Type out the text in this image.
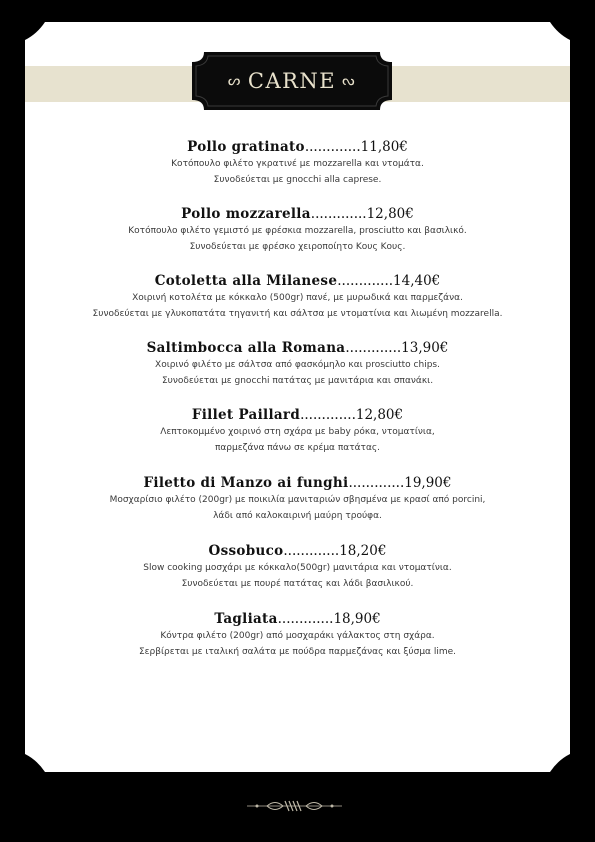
ᔕ CARNE ᔓ
Pollo gratinato.............11,80€
Κοτόπουλο φιλέτο γκρατινέ με mozzarella και ντομάτα.
Συνοδεύεται με gnocchi alla caprese.
Pollo mozzarella.............12,80€
Κοτόπουλο φιλέτο γεμιστό με φρέσκια mozzarella, prosciutto και βασιλικό.
Συνοδεύεται με φρέσκο χειροποίητο Κους Κους.
Cotoletta alla Milanese.............14,40€
Χοιρινή κοτολέτα με κόκκαλο (500gr) πανέ, με μυρωδικά και παρμεζάνα.
Συνοδεύεται με γλυκοπατάτα τηγανιτή και σάλτσα με ντοματίνια και λιωμένη mozzarella.
Saltimbocca alla Romana.............13,90€
Χοιρινό φιλέτο με σάλτσα από φασκόμηλο και prosciutto chips.
Συνοδεύεται με gnocchi πατάτας με μανιτάρια και σπανάκι.
Fillet Paillard.............12,80€
Λεπτοκομμένο χοιρινό στη σχάρα με baby ρόκα, ντοματίνια,
παρμεζάνα πάνω σε κρέμα πατάτας.
Filetto di Manzo ai funghi.............19,90€
Μοσχαρίσιο φιλέτο (200gr) με ποικιλία μανιταριών σβησμένα με κρασί από porcini,
λάδι από καλοκαιρινή μαύρη τρούφα.
Ossobuco.............18,20€
Slow cooking μοσχάρι με κόκκαλο(500gr) μανιτάρια και ντοματίνια.
Συνοδεύεται με πουρέ πατάτας και λάδι βασιλικού.
Tagliata.............18,90€
Κόντρα φιλέτο (200gr) από μοσχαράκι γάλακτος στη σχάρα.
Σερβίρεται με ιταλική σαλάτα με πούδρα παρμεζάνας και ξύσμα lime.
